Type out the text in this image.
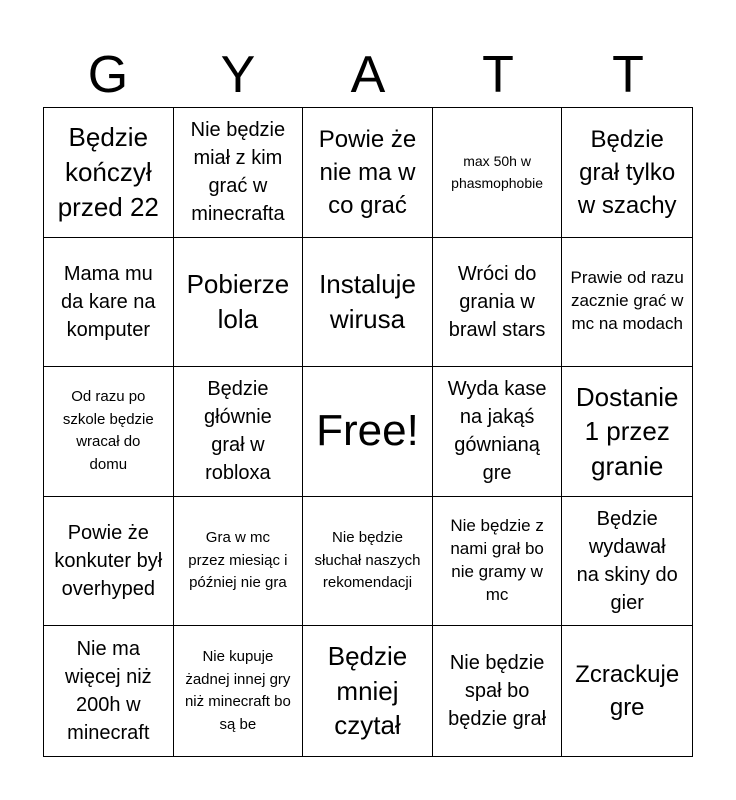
G	Y	A	T	T
Będzie kończył przed 22
Nie będzie miał z kim grać w minecrafta
Powie że nie ma w co grać
max 50h w phasmophobie
Będzie grał tylko w szachy
Mama mu da kare na komputer
Pobierze lola
Instaluje wirusa
Wróci do grania w brawl stars
Prawie od razu zacznie grać w mc na modach
Od razu po szkole będzie wracał do domu
Będzie głównie grał w robloxa
Free!
Wyda kase na jakąś gównianą gre
Dostanie 1 przez granie
Powie że konkuter był overhyped
Gra w mc przez miesiąc i później nie gra
Nie będzie słuchał naszych rekomendacji
Nie będzie z nami grał bo nie gramy w mc
Będzie wydawał na skiny do gier
Nie ma więcej niż 200h w minecraft
Nie kupuje żadnej innej gry niż minecraft bo są be
Będzie mniej czytał
Nie będzie spał bo będzie grał
Zcrackuje gre
